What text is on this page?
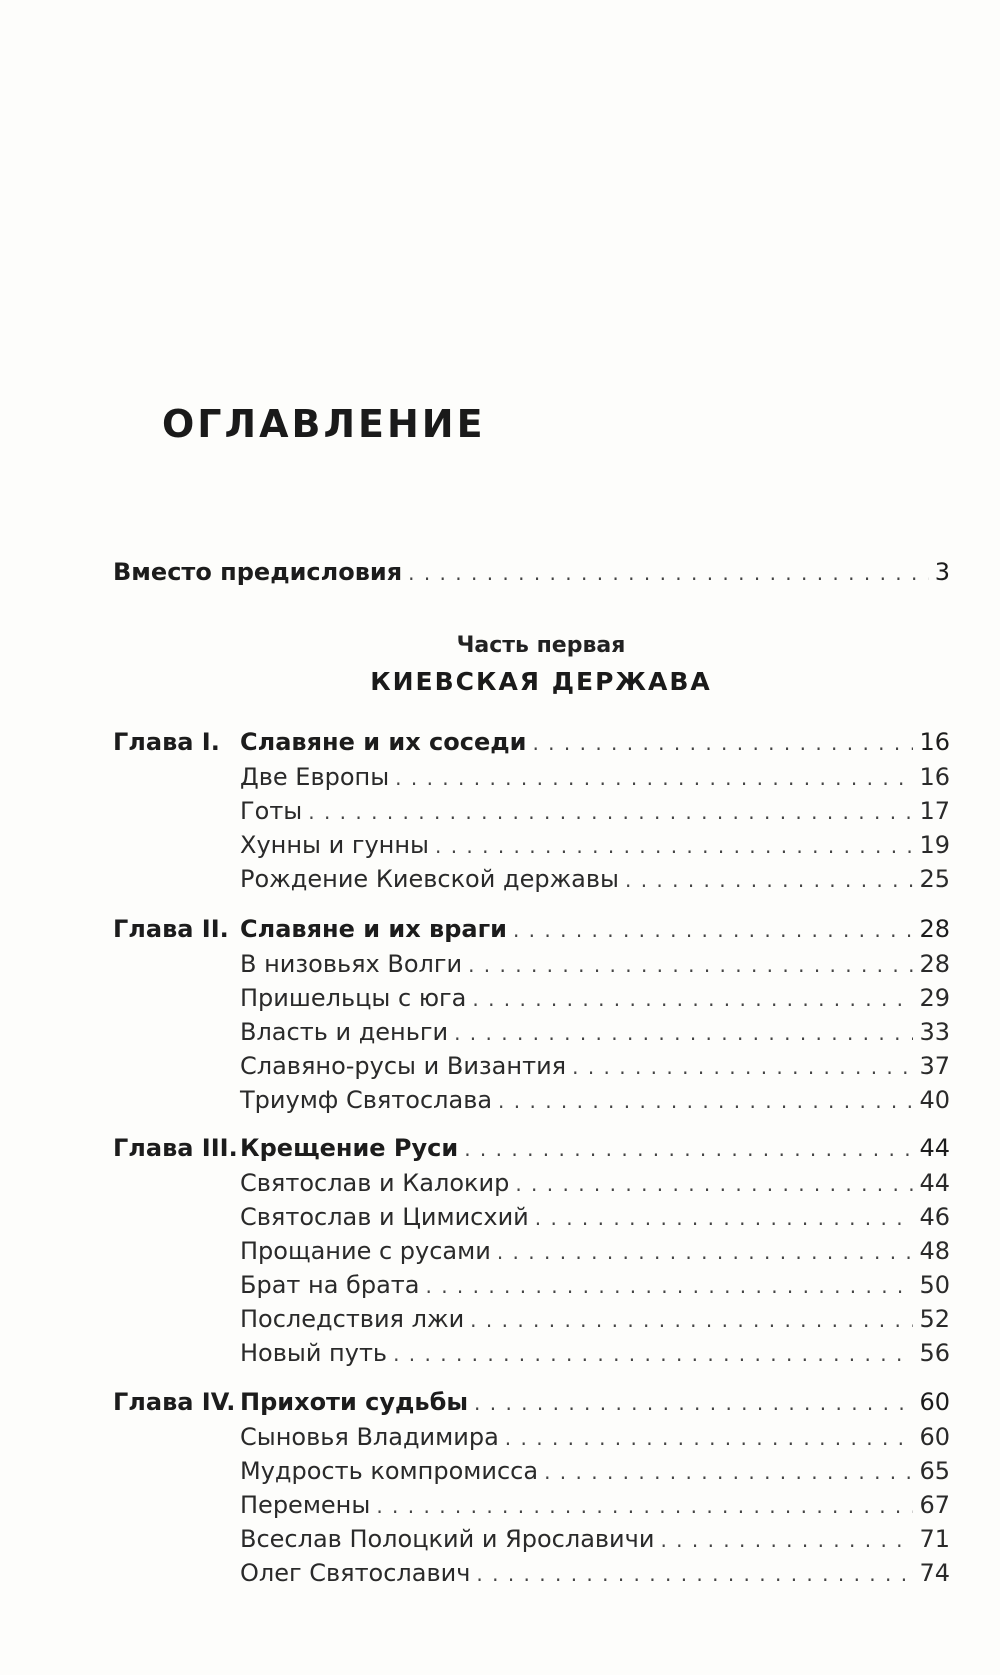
ОГЛАВЛЕНИЕ
Вместо предисловия . . .	3

Часть первая

КИЕВСКАЯ ДЕРЖАВА

Глава I. Славяне и их соседи . . .	16
Две Европы . . .	16
Готы . . .	17
Хунны и гунны . . .	19
Рождение Киевской державы . . .	25
Глава II. Славяне и их враги . . .	28
В низовьях Волги . . .	28
Пришельцы с юга . . .	29
Власть и деньги . . .	33
Славяно-русы и Византия . . .	37
Триумф Святослава . . .	40
Глава III. Крещение Руси . . .	44
Святослав и Калокир . . .	44
Святослав и Цимисхий . . .	46
Прощание с русами . . .	48
Брат на брата . . .	50
Последствия лжи . . .	52
Новый путь . . .	56
Глава IV. Прихоти судьбы . . .	60
Сыновья Владимира . . .	60
Мудрость компромисса . . .	65
Перемены . . .	67
Всеслав Полоцкий и Ярославичи . . .	71
Олег Святославич . . .	74
